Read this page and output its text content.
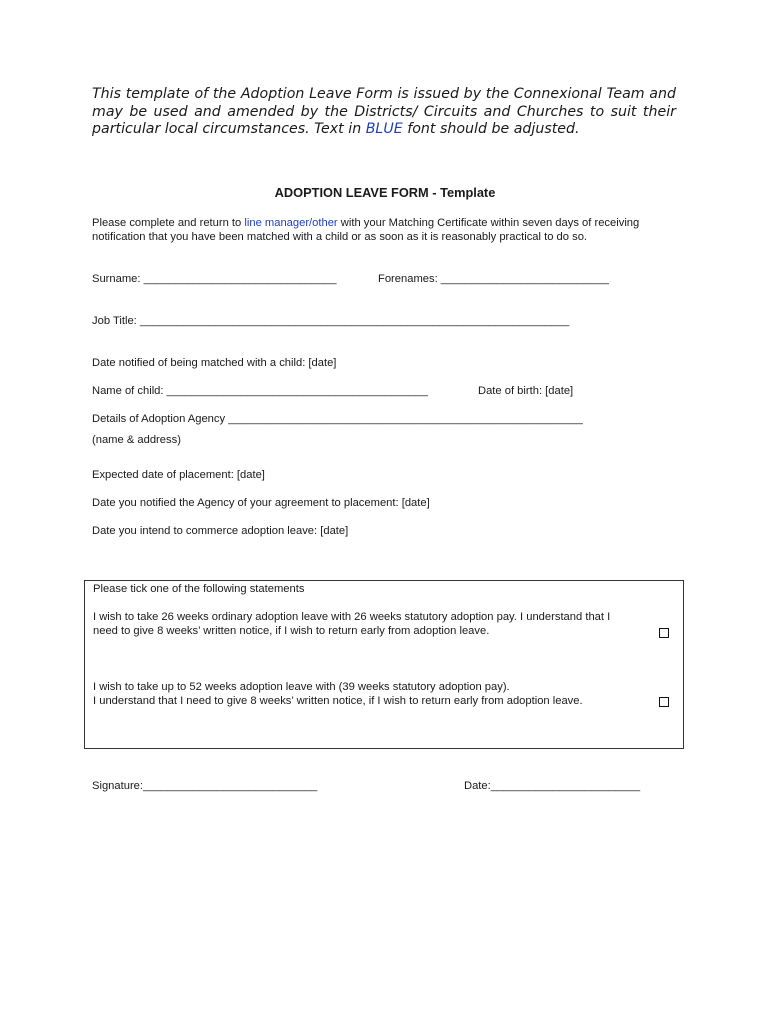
This template of the Adoption Leave Form is issued by the Connexional Team and may be used and amended by the Districts/ Circuits and Churches to suit their particular local circumstances. Text in BLUE font should be adjusted.
ADOPTION LEAVE FORM - Template
Please complete and return to line manager/other with your Matching Certificate within seven days of receiving notification that you have been matched with a child or as soon as it is reasonably practical to do so.
Surname: _______________________________	Forenames: ___________________________
Job Title: _____________________________________________________________________
Date notified of being matched with a child: [date]
Name of child: __________________________________________	Date of birth: [date]
Details of Adoption Agency _________________________________________________________
(name & address)
Expected date of placement: [date]
Date you notified the Agency of your agreement to placement: [date]
Date you intend to commerce adoption leave: [date]
Please tick one of the following statements
I wish to take 26 weeks ordinary adoption leave with 26 weeks statutory adoption pay. I understand that I need to give 8 weeks’ written notice, if I wish to return early from adoption leave.
I wish to take up to 52 weeks adoption leave with (39 weeks statutory adoption pay).
I understand that I need to give 8 weeks’ written notice, if I wish to return early from adoption leave.
Signature:____________________________	Date:________________________
